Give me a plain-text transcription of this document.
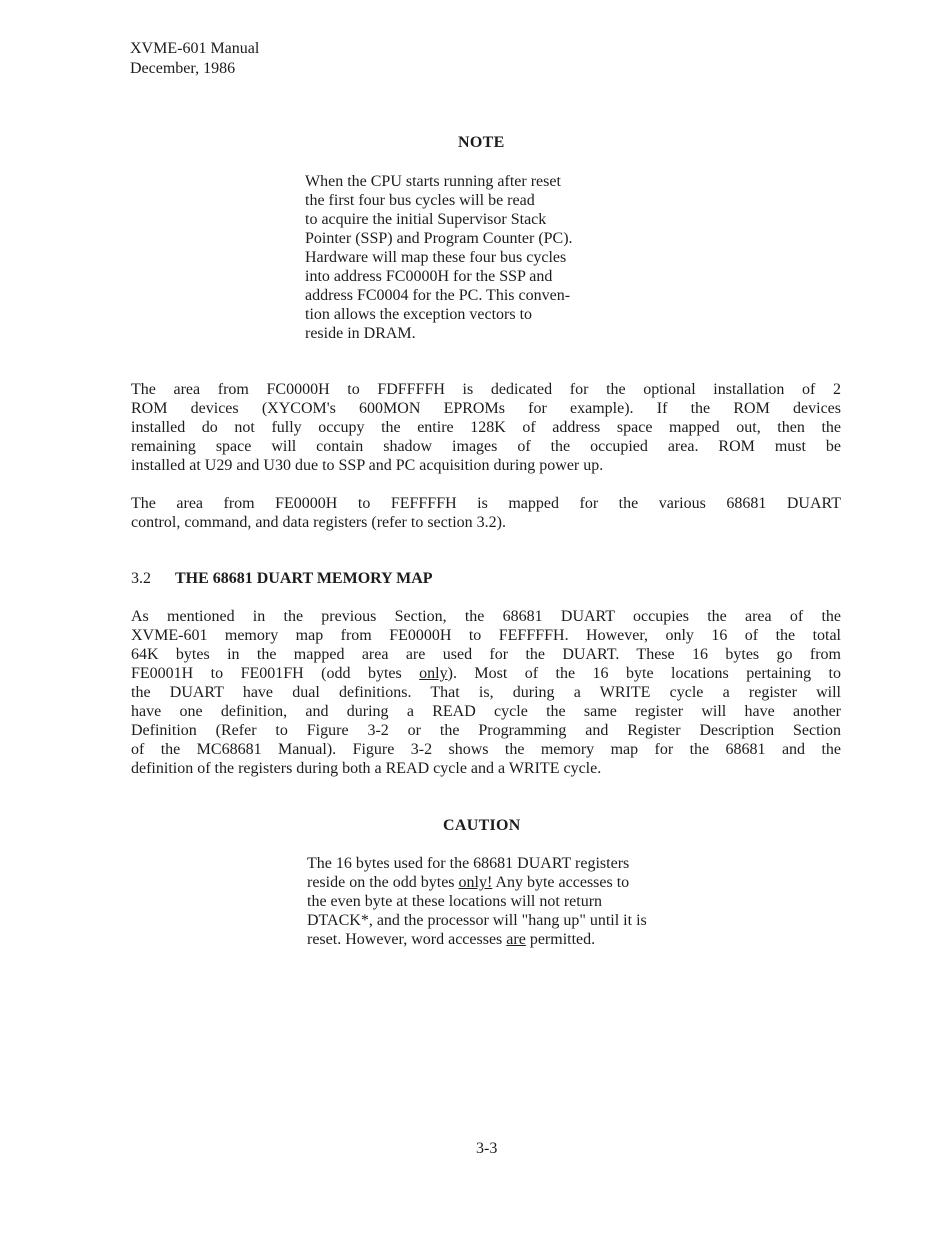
XVME-601 Manual
December, 1986
NOTE
When the CPU starts running after reset
the first four bus cycles will be read
to acquire the initial Supervisor Stack
Pointer (SSP) and Program Counter (PC).
Hardware will map these four bus cycles
into address FC0000H for the SSP and
address FC0004 for the PC. This conven-
tion allows the exception vectors to
reside in DRAM.
The area from FC0000H to FDFFFFH is dedicated for the optional installation of 2
ROM devices (XYCOM's 600MON EPROMs for example). If the ROM devices
installed do not fully occupy the entire 128K of address space mapped out, then the
remaining space will contain shadow images of the occupied area. ROM must be
installed at U29 and U30 due to SSP and PC acquisition during power up.
The area from FE0000H to FEFFFFH is mapped for the various 68681 DUART
control, command, and data registers (refer to section 3.2).
3.2 THE 68681 DUART MEMORY MAP
As mentioned in the previous Section, the 68681 DUART occupies the area of the
XVME-601 memory map from FE0000H to FEFFFFH. However, only 16 of the total
64K bytes in the mapped area are used for the DUART. These 16 bytes go from
FE0001H to FE001FH (odd bytes only). Most of the 16 byte locations pertaining to
the DUART have dual definitions. That is, during a WRITE cycle a register will
have one definition, and during a READ cycle the same register will have another
Definition (Refer to Figure 3-2 or the Programming and Register Description Section
of the MC68681 Manual). Figure 3-2 shows the memory map for the 68681 and the
definition of the registers during both a READ cycle and a WRITE cycle.
CAUTION
The 16 bytes used for the 68681 DUART registers
reside on the odd bytes only! Any byte accesses to
the even byte at these locations will not return
DTACK*, and the processor will "hang up" until it is
reset. However, word accesses are permitted.
3-3
